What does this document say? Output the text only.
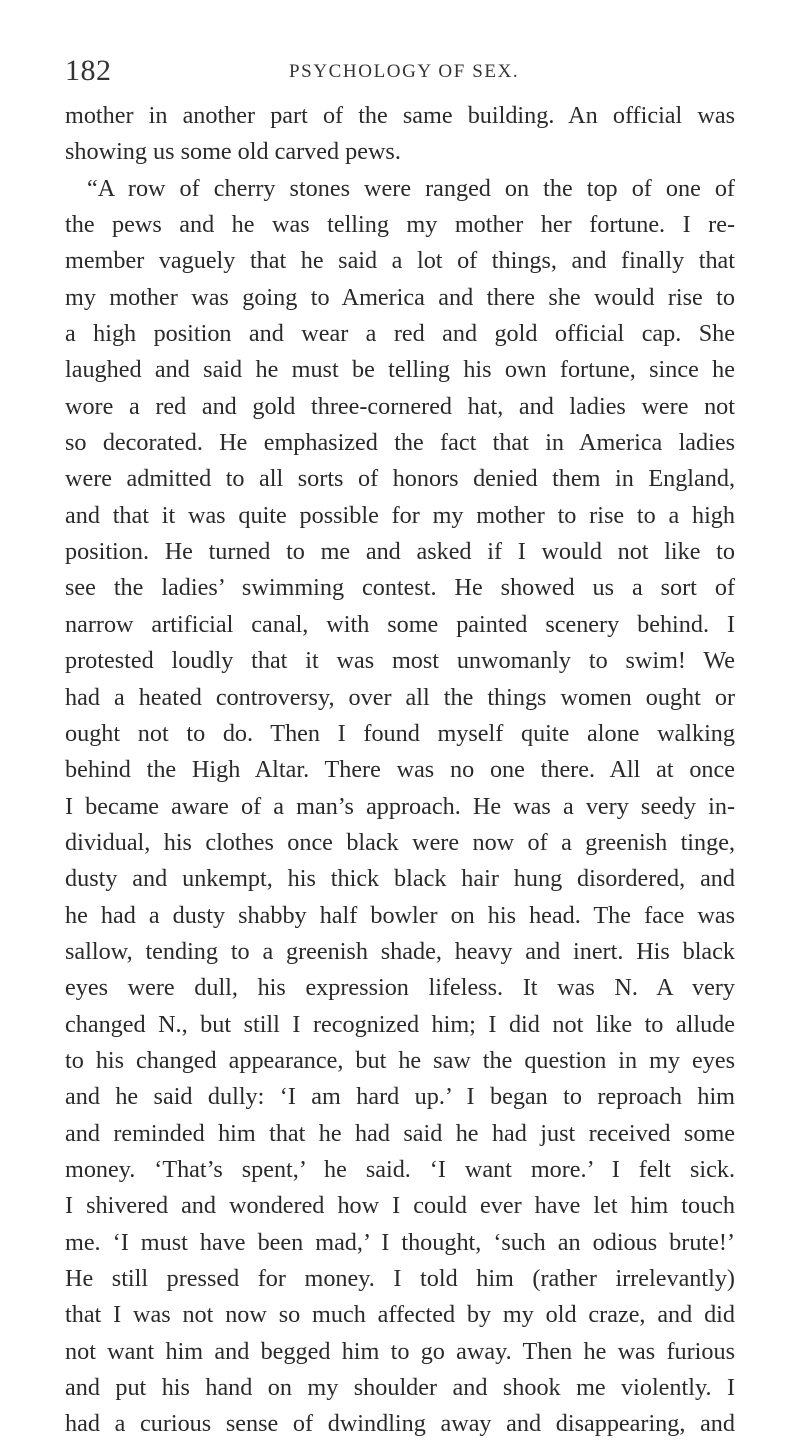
182	PSYCHOLOGY OF SEX.
mother in another part of the same building. An official was
showing us some old carved pews.
“A row of cherry stones were ranged on the top of one of
the pews and he was telling my mother her fortune. I re-
member vaguely that he said a lot of things, and finally that
my mother was going to America and there she would rise to
a high position and wear a red and gold official cap. She
laughed and said he must be telling his own fortune, since he
wore a red and gold three-cornered hat, and ladies were not
so decorated. He emphasized the fact that in America ladies
were admitted to all sorts of honors denied them in England,
and that it was quite possible for my mother to rise to a high
position. He turned to me and asked if I would not like to
see the ladies’ swimming contest. He showed us a sort of
narrow artificial canal, with some painted scenery behind. I
protested loudly that it was most unwomanly to swim! We
had a heated controversy, over all the things women ought or
ought not to do. Then I found myself quite alone walking
behind the High Altar. There was no one there. All at once
I became aware of a man’s approach. He was a very seedy in-
dividual, his clothes once black were now of a greenish tinge,
dusty and unkempt, his thick black hair hung disordered, and
he had a dusty shabby half bowler on his head. The face was
sallow, tending to a greenish shade, heavy and inert. His black
eyes were dull, his expression lifeless. It was N. A very
changed N., but still I recognized him; I did not like to allude
to his changed appearance, but he saw the question in my eyes
and he said dully: ‘I am hard up.’ I began to reproach him
and reminded him that he had said he had just received some
money. ‘That’s spent,’ he said. ‘I want more.’ I felt sick.
I shivered and wondered how I could ever have let him touch
me. ‘I must have been mad,’ I thought, ‘such an odious brute!’
He still pressed for money. I told him (rather irrelevantly)
that I was not now so much affected by my old craze, and did
not want him and begged him to go away. Then he was furious
and put his hand on my shoulder and shook me violently. I
had a curious sense of dwindling away and disappearing, and
